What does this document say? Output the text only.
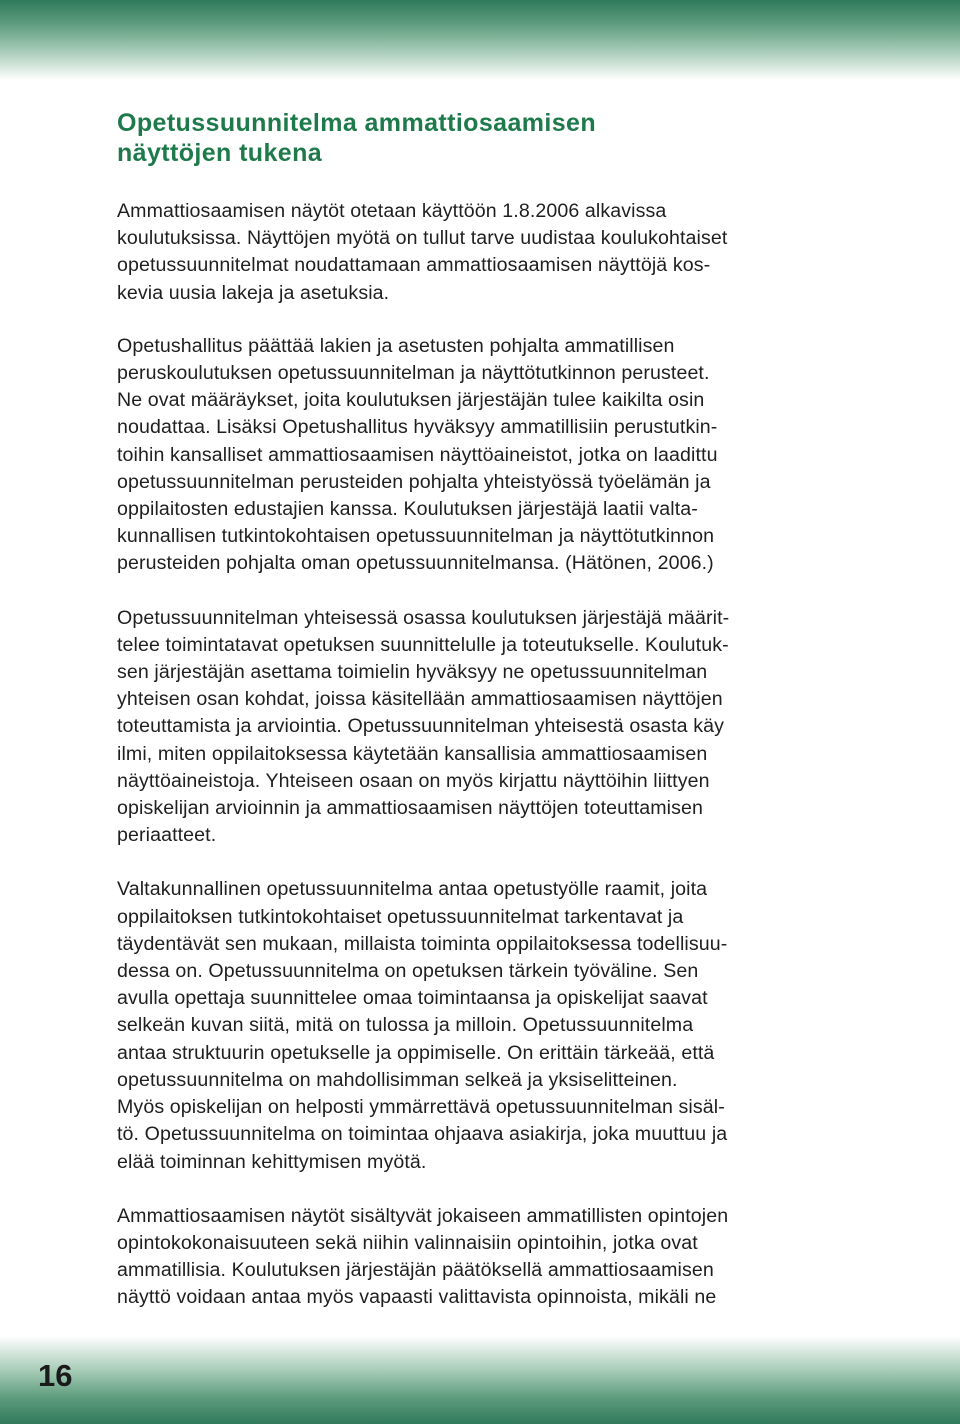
Opetussuunnitelma ammattiosaamisen
näyttöjen tukena

Ammattiosaamisen näytöt otetaan käyttöön 1.8.2006 alkavissa
koulutuksissa. Näyttöjen myötä on tullut tarve uudistaa koulukohtaiset
opetussuunnitelmat noudattamaan ammattiosaamisen näyttöjä kos-
kevia uusia lakeja ja asetuksia.

Opetushallitus päättää lakien ja asetusten pohjalta ammatillisen
peruskoulutuksen opetussuunnitelman ja näyttötutkinnon perusteet.
Ne ovat määräykset, joita koulutuksen järjestäjän tulee kaikilta osin
noudattaa. Lisäksi Opetushallitus hyväksyy ammatillisiin perustutkin-
toihin kansalliset ammattiosaamisen näyttöaineistot, jotka on laadittu
opetussuunnitelman perusteiden pohjalta yhteistyössä työelämän ja
oppilaitosten edustajien kanssa. Koulutuksen järjestäjä laatii valta-
kunnallisen tutkintokohtaisen opetussuunnitelman ja näyttötutkinnon
perusteiden pohjalta oman opetussuunnitelmansa. (Hätönen, 2006.)

Opetussuunnitelman yhteisessä osassa koulutuksen järjestäjä määrit-
telee toimintatavat opetuksen suunnittelulle ja toteutukselle. Koulutuk-
sen järjestäjän asettama toimielin hyväksyy ne opetussuunnitelman
yhteisen osan kohdat, joissa käsitellään ammattiosaamisen näyttöjen
toteuttamista ja arviointia. Opetussuunnitelman yhteisestä osasta käy
ilmi, miten oppilaitoksessa käytetään kansallisia ammattiosaamisen
näyttöaineistoja. Yhteiseen osaan on myös kirjattu näyttöihin liittyen
opiskelijan arvioinnin ja ammattiosaamisen näyttöjen toteuttamisen
periaatteet.

Valtakunnallinen opetussuunnitelma antaa opetustyölle raamit, joita
oppilaitoksen tutkintokohtaiset opetussuunnitelmat tarkentavat ja
täydentävät sen mukaan, millaista toiminta oppilaitoksessa todellisuu-
dessa on. Opetussuunnitelma on opetuksen tärkein työväline. Sen
avulla opettaja suunnittelee omaa toimintaansa ja opiskelijat saavat
selkeän kuvan siitä, mitä on tulossa ja milloin. Opetussuunnitelma
antaa struktuurin opetukselle ja oppimiselle. On erittäin tärkeää, että
opetussuunnitelma on mahdollisimman selkeä ja yksiselitteinen.
Myös opiskelijan on helposti ymmärrettävä opetussuunnitelman sisäl-
tö. Opetussuunnitelma on toimintaa ohjaava asiakirja, joka muuttuu ja
elää toiminnan kehittymisen myötä.

Ammattiosaamisen näytöt sisältyvät jokaiseen ammatillisten opintojen
opintokokonaisuuteen sekä niihin valinnaisiin opintoihin, jotka ovat
ammatillisia. Koulutuksen järjestäjän päätöksellä ammattiosaamisen
näyttö voidaan antaa myös vapaasti valittavista opinnoista, mikäli ne

16
